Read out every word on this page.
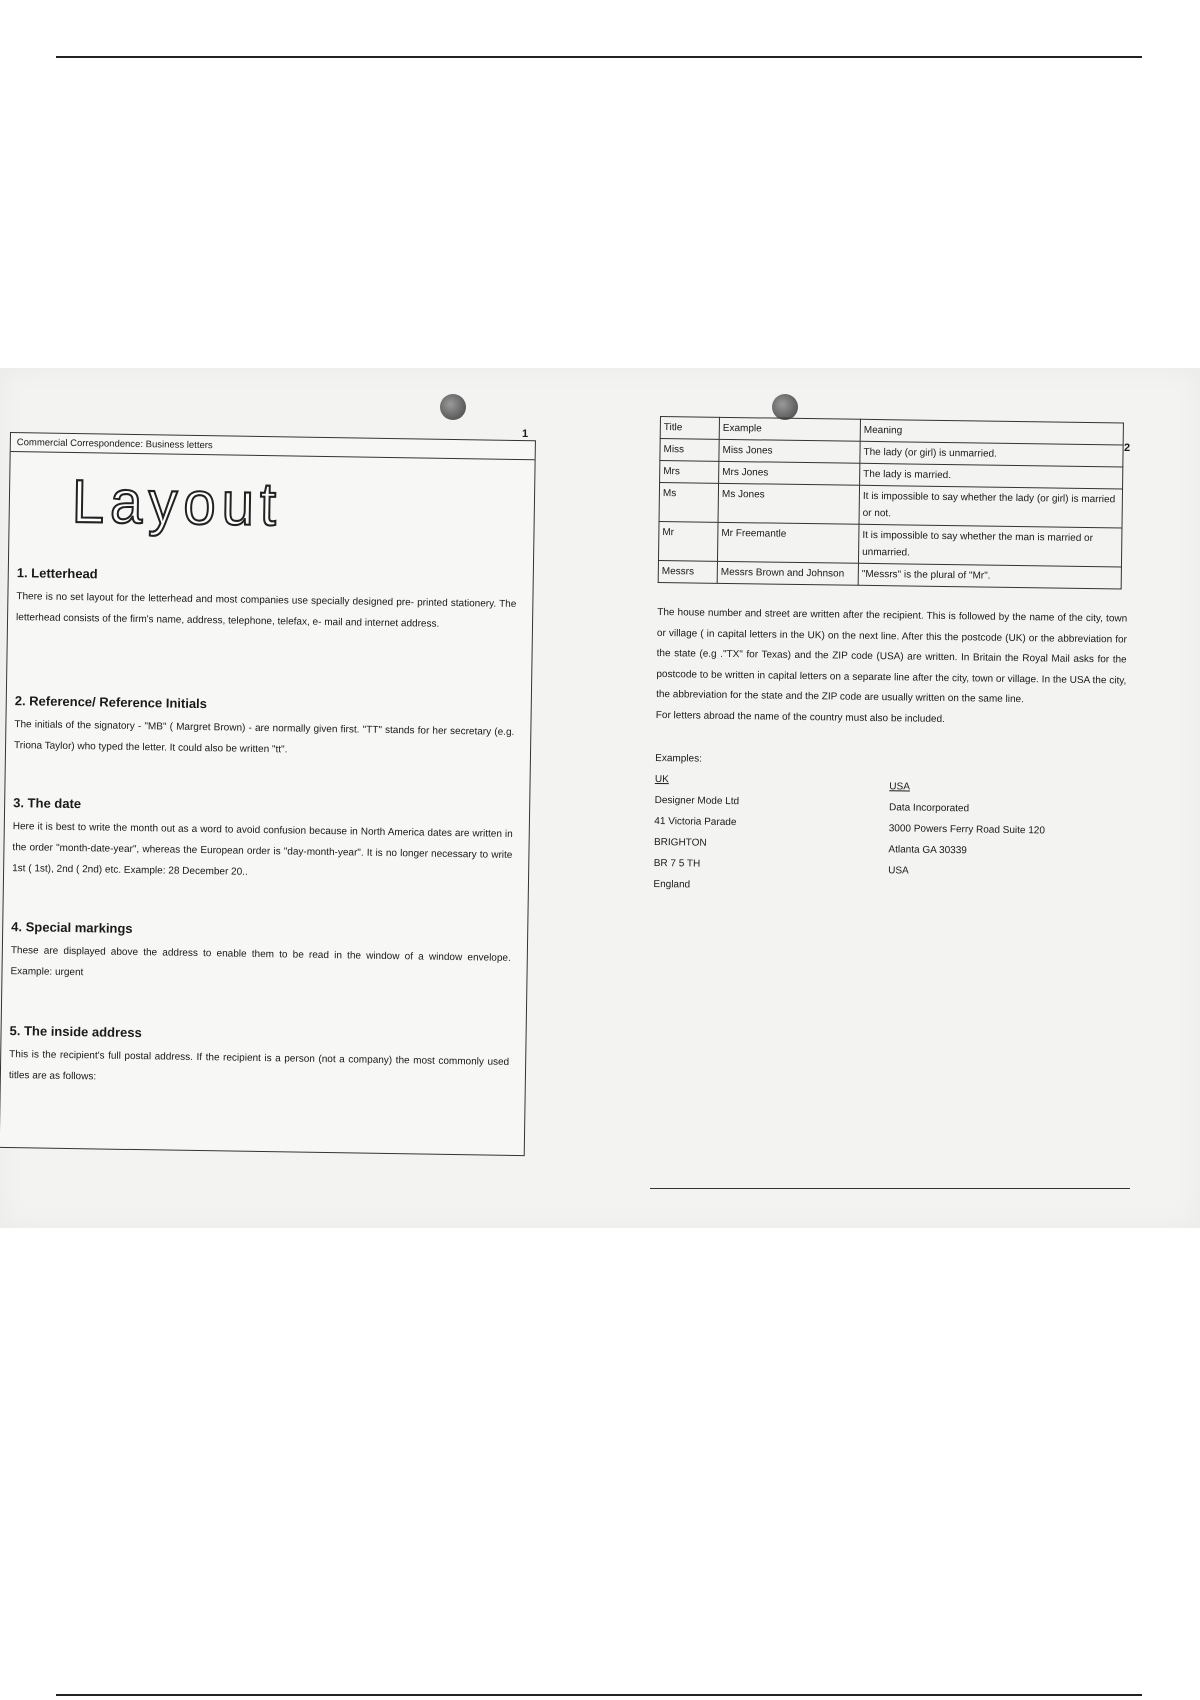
1
2
Commercial Correspondence: Business letters
Layout
1. Letterhead

There is no set layout for the letterhead and most companies use specially designed pre- printed stationery. The letterhead consists of the firm's name, address, telephone, telefax, e- mail and internet address.

2. Reference/ Reference Initials

The initials of the signatory - "MB" ( Margret Brown) - are normally given first. "TT" stands for her secretary (e.g. Triona Taylor) who typed the letter. It could also be written "tt".

3. The date

Here it is best to write the month out as a word to avoid confusion because in North America dates are written in the order "month-date-year", whereas the European order is "day-month-year". It is no longer necessary to write 1st ( 1st), 2nd ( 2nd) etc. Example: 28 December 20..

4. Special markings

These are displayed above the address to enable them to be read in the window of a window envelope. Example: urgent

5. The inside address

This is the recipient's full postal address. If the recipient is a person (not a company) the most commonly used titles are as follows:

Title	Example	Meaning
Miss	Miss Jones	The lady (or girl) is unmarried.
Mrs	Mrs Jones	The lady is married.
Ms	Ms Jones	It is impossible to say whether the lady (or girl) is married or not.
Mr	Mr Freemantle	It is impossible to say whether the man is married or unmarried.
Messrs	Messrs Brown and Johnson	"Messrs" is the plural of "Mr".
The house number and street are written after the recipient. This is followed by the name of the city, town or village ( in capital letters in the UK) on the next line. After this the postcode (UK) or the abbreviation for the state (e.g ."TX" for Texas) and the ZIP code (USA) are written. In Britain the Royal Mail asks for the postcode to be written in capital letters on a separate line after the city, town or village. In the USA the city, the abbreviation for the state and the ZIP code are usually written on the same line.
For letters abroad the name of the country must also be included.
Examples:
UK
Designer Mode Ltd
41 Victoria Parade
BRIGHTON
BR 7 5 TH
England
USA
Data Incorporated
3000 Powers Ferry Road Suite 120
Atlanta GA 30339
USA
